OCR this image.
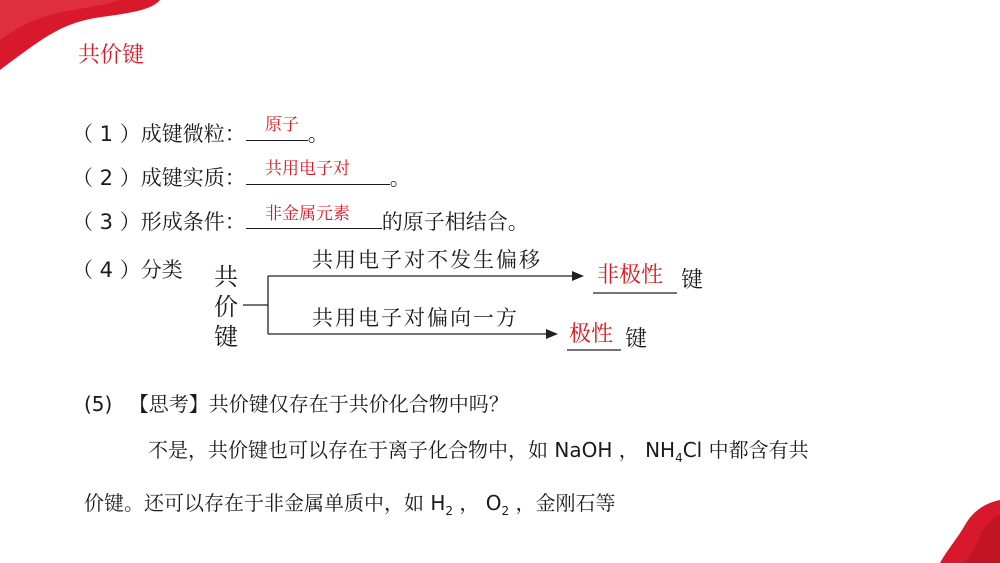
共价键
（ 1 ）成键微粒：	。
原子
（ 2 ）成键实质：	。
共用电子对
（ 3 ）形成条件：	的原子相结合。
非金属元素
（ 4 ）分类 共
价
键
共用电子对不发生偏移
共用电子对偏向一方
非极性 键
极性 键
(5) 【思考】共价键仅存在于共价化合物中吗？
不是，共价键也可以存在于离子化合物中，如 NaOH ， $NH_4Cl$ 中都含有共
价键。还可以存在于非金属单质中，如 $H_2$ ， $O_2$ ，金刚石等
